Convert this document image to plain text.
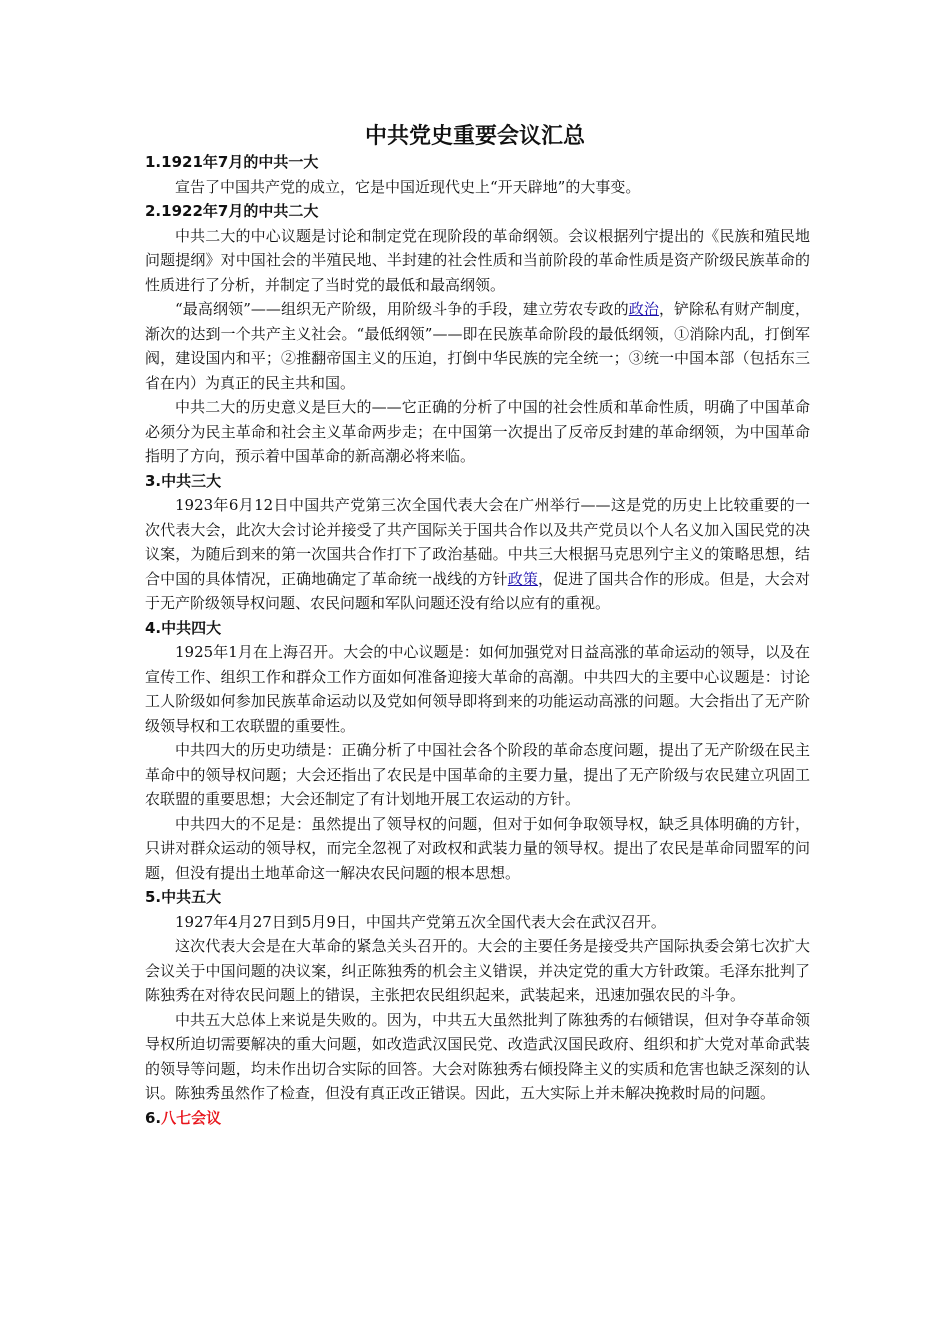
中共党史重要会议汇总

1.1921年7月的中共一大

宣告了中国共产党的成立，它是中国近现代史上“开天辟地”的大事变。

2.1922年7月的中共二大

中共二大的中心议题是讨论和制定党在现阶段的革命纲领。会议根据列宁提出的《民族和殖民地问题提纲》对中国社会的半殖民地、半封建的社会性质和当前阶段的革命性质是资产阶级民族革命的性质进行了分析，并制定了当时党的最低和最高纲领。

“最高纲领”——组织无产阶级，用阶级斗争的手段，建立劳农专政的政治，铲除私有财产制度，渐次的达到一个共产主义社会。“最低纲领”——即在民族革命阶段的最低纲领，①消除内乱，打倒军阀，建设国内和平；②推翻帝国主义的压迫，打倒中华民族的完全统一；③统一中国本部（包括东三省在内）为真正的民主共和国。

中共二大的历史意义是巨大的——它正确的分析了中国的社会性质和革命性质，明确了中国革命必须分为民主革命和社会主义革命两步走；在中国第一次提出了反帝反封建的革命纲领，为中国革命指明了方向，预示着中国革命的新高潮必将来临。

3.中共三大

1923年6月12日中国共产党第三次全国代表大会在广州举行——这是党的历史上比较重要的一次代表大会，此次大会讨论并接受了共产国际关于国共合作以及共产党员以个人名义加入国民党的决议案，为随后到来的第一次国共合作打下了政治基础。中共三大根据马克思列宁主义的策略思想，结合中国的具体情况，正确地确定了革命统一战线的方针政策，促进了国共合作的形成。但是，大会对于无产阶级领导权问题、农民问题和军队问题还没有给以应有的重视。

4.中共四大

1925年1月在上海召开。大会的中心议题是：如何加强党对日益高涨的革命运动的领导，以及在宣传工作、组织工作和群众工作方面如何准备迎接大革命的高潮。中共四大的主要中心议题是：讨论工人阶级如何参加民族革命运动以及党如何领导即将到来的功能运动高涨的问题。大会指出了无产阶级领导权和工农联盟的重要性。

中共四大的历史功绩是：正确分析了中国社会各个阶段的革命态度问题，提出了无产阶级在民主革命中的领导权问题；大会还指出了农民是中国革命的主要力量，提出了无产阶级与农民建立巩固工农联盟的重要思想；大会还制定了有计划地开展工农运动的方针。

中共四大的不足是：虽然提出了领导权的问题，但对于如何争取领导权，缺乏具体明确的方针，只讲对群众运动的领导权，而完全忽视了对政权和武装力量的领导权。提出了农民是革命同盟军的问题，但没有提出土地革命这一解决农民问题的根本思想。

5.中共五大

1927年4月27日到5月9日，中国共产党第五次全国代表大会在武汉召开。

这次代表大会是在大革命的紧急关头召开的。大会的主要任务是接受共产国际执委会第七次扩大会议关于中国问题的决议案，纠正陈独秀的机会主义错误，并决定党的重大方针政策。毛泽东批判了陈独秀在对待农民问题上的错误，主张把农民组织起来，武装起来，迅速加强农民的斗争。

中共五大总体上来说是失败的。因为，中共五大虽然批判了陈独秀的右倾错误，但对争夺革命领导权所迫切需要解决的重大问题，如改造武汉国民党、改造武汉国民政府、组织和扩大党对革命武装的领导等问题，均未作出切合实际的回答。大会对陈独秀右倾投降主义的实质和危害也缺乏深刻的认识。陈独秀虽然作了检查，但没有真正改正错误。因此，五大实际上并未解决挽救时局的问题。

6.八七会议
